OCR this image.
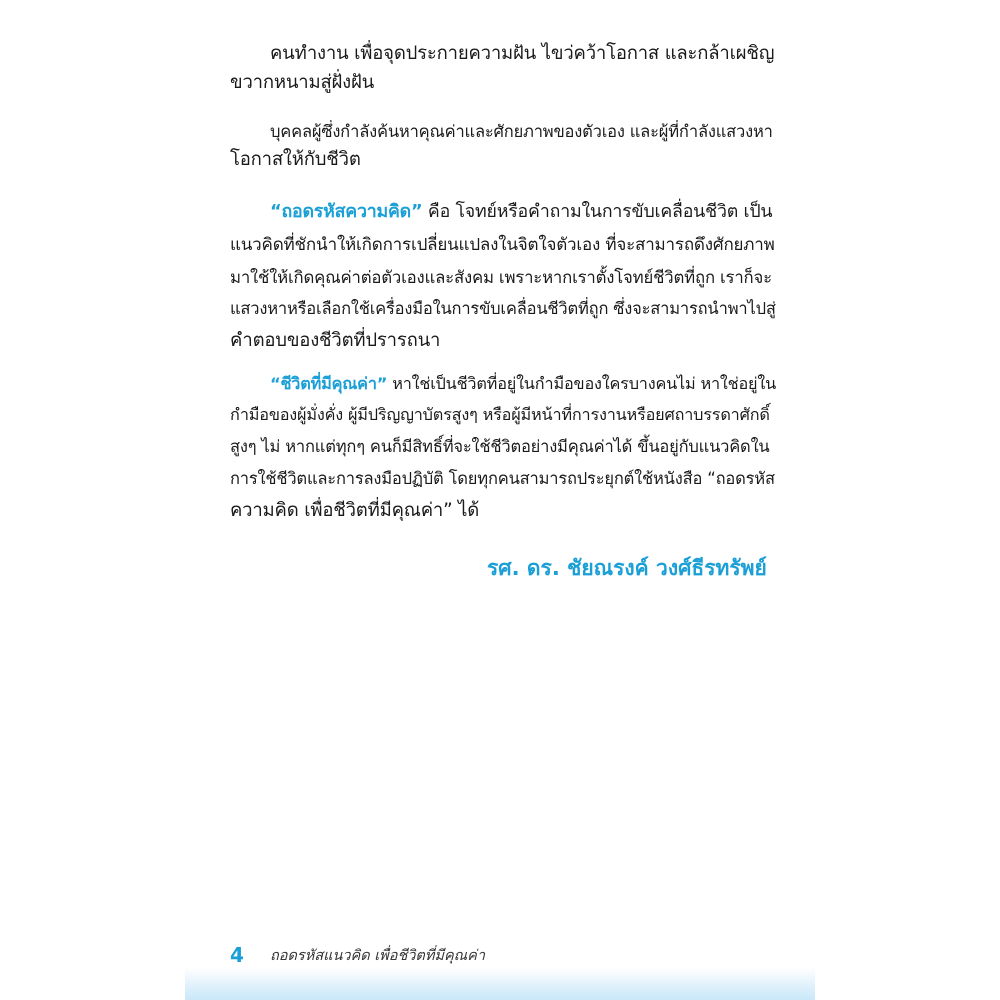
คนทำงาน เพื่อจุดประกายความฝัน ไขว่คว้าโอกาส และกล้าเผชิญ
ขวากหนามสู่ฝั่งฝัน
บุคคลผู้ซึ่งกำลังค้นหาคุณค่าและศักยภาพของตัวเอง และผู้ที่กำลังแสวงหา
โอกาสให้กับชีวิต
“ถอดรหัสความคิด” คือ โจทย์หรือคำถามในการขับเคลื่อนชีวิต เป็น
แนวคิดที่ชักนำให้เกิดการเปลี่ยนแปลงในจิตใจตัวเอง ที่จะสามารถดึงศักยภาพ
มาใช้ให้เกิดคุณค่าต่อตัวเองและสังคม เพราะหากเราตั้งโจทย์ชีวิตที่ถูก เราก็จะ
แสวงหาหรือเลือกใช้เครื่องมือในการขับเคลื่อนชีวิตที่ถูก ซึ่งจะสามารถนำพาไปสู่
คำตอบของชีวิตที่ปรารถนา
“ชีวิตที่มีคุณค่า” หาใช่เป็นชีวิตที่อยู่ในกำมือของใครบางคนไม่ หาใช่อยู่ใน
กำมือของผู้มั่งคั่ง ผู้มีปริญญาบัตรสูงๆ หรือผู้มีหน้าที่การงานหรือยศถาบรรดาศักดิ์
สูงๆ ไม่ หากแต่ทุกๆ คนก็มีสิทธิ์ที่จะใช้ชีวิตอย่างมีคุณค่าได้ ขึ้นอยู่กับแนวคิดใน
การใช้ชีวิตและการลงมือปฏิบัติ โดยทุกคนสามารถประยุกต์ใช้หนังสือ “ถอดรหัส
ความคิด เพื่อชีวิตที่มีคุณค่า” ได้
รศ. ดร. ชัยณรงค์ วงศ์ธีรทรัพย์
4 ถอดรหัสแนวคิด เพื่อชีวิตที่มีคุณค่า
